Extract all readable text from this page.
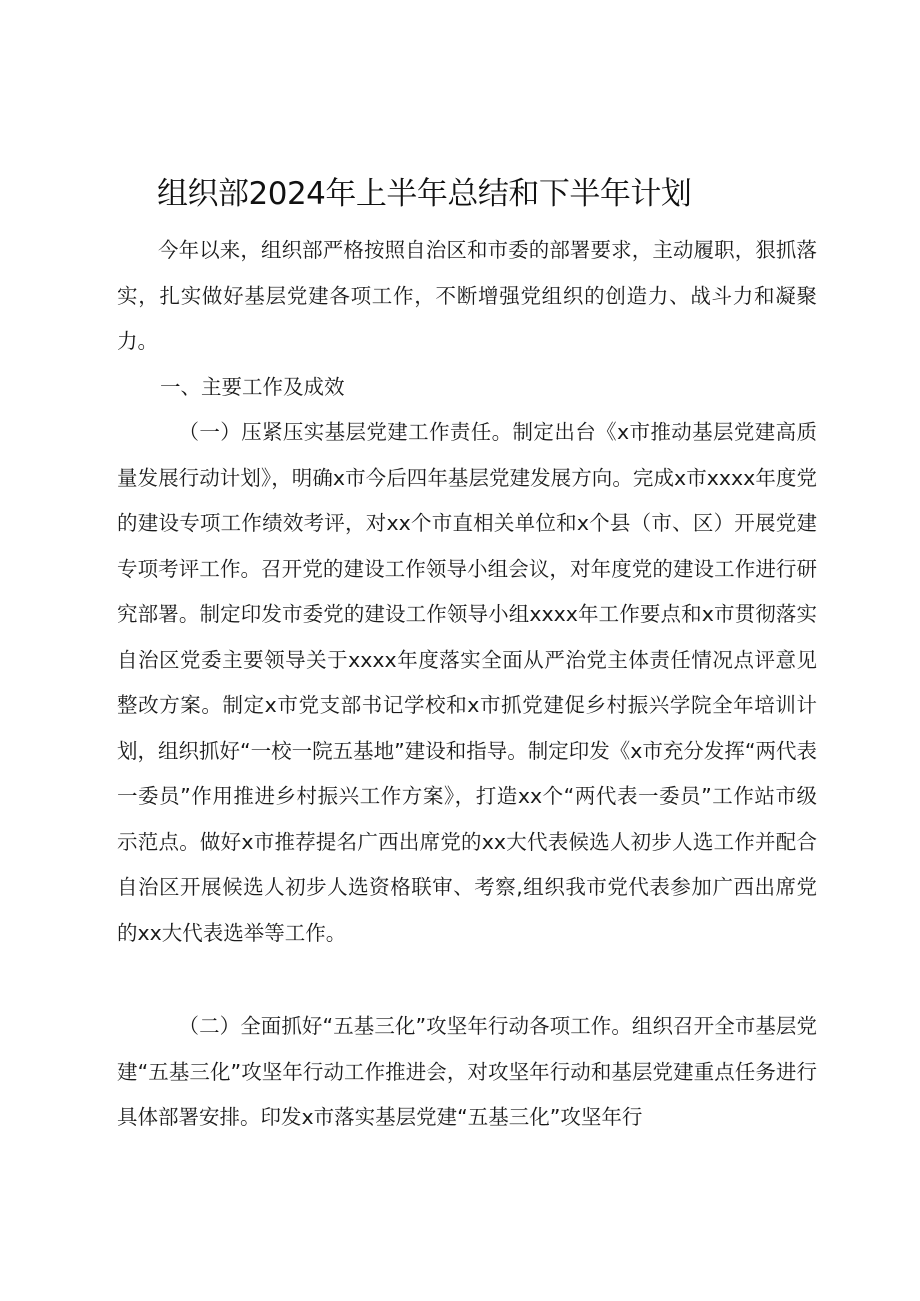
组织部2024年上半年总结和下半年计划

今年以来，组织部严格按照自治区和市委的部署要求，主动履职，狠抓落实，扎实做好基层党建各项工作，不断增强党组织的创造力、战斗力和凝聚力。

一、主要工作及成效

（一）压紧压实基层党建工作责任。制定出台《x市推动基层党建高质量发展行动计划》，明确x市今后四年基层党建发展方向。完成x市xxxx年度党的建设专项工作绩效考评，对xx个市直相关单位和x个县（市、区）开展党建专项考评工作。召开党的建设工作领导小组会议，对年度党的建设工作进行研究部署。制定印发市委党的建设工作领导小组xxxx年工作要点和x市贯彻落实自治区党委主要领导关于xxxx年度落实全面从严治党主体责任情况点评意见整改方案。制定x市党支部书记学校和x市抓党建促乡村振兴学院全年培训计划，组织抓好“一校一院五基地”建设和指导。制定印发《x市充分发挥“两代表一委员”作用推进乡村振兴工作方案》，打造xx个“两代表一委员”工作站市级示范点。做好x市推荐提名广西出席党的xx大代表候选人初步人选工作并配合自治区开展候选人初步人选资格联审、考察,组织我市党代表参加广西出席党的xx大代表选举等工作。

（二）全面抓好“五基三化”攻坚年行动各项工作。组织召开全市基层党建“五基三化”攻坚年行动工作推进会，对攻坚年行动和基层党建重点任务进行具体部署安排。印发x市落实基层党建“五基三化”攻坚年行
